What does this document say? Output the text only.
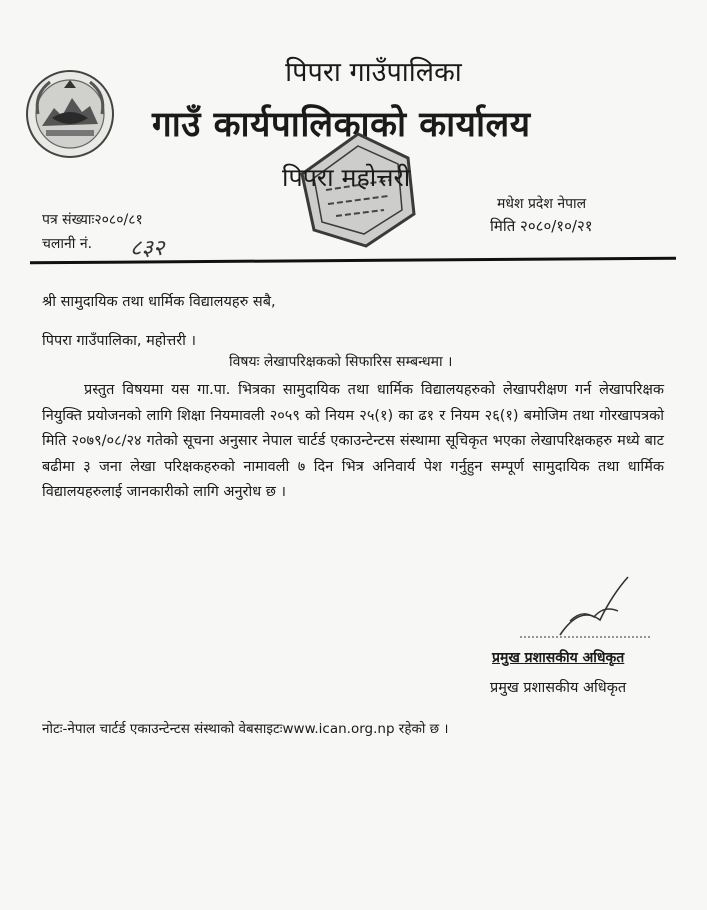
पिपरा गाउँपालिका
गाउँ कार्यपालिकाको कार्यालय
पिपरा महोत्तरी
मधेश प्रदेश नेपाल
मिति २०८०/१०/२१
पत्र संख्याः२०८०/८१
चलानी नं. ८३२
श्री सामुदायिक तथा धार्मिक विद्यालयहरु सबै,
पिपरा गाउँपालिका, महोत्तरी ।
विषयः लेखापरिक्षकको सिफारिस सम्बन्धमा ।
प्रस्तुत विषयमा यस गा.पा. भित्रका सामुदायिक तथा धार्मिक विद्यालयहरुको लेखापरीक्षण गर्न लेखापरिक्षक नियुक्ति प्रयोजनको लागि शिक्षा नियमावली २०५९ को नियम २५(१) का ढ१ र नियम २६(१) बमोजिम तथा गोरखापत्रको मिति २०७९/०८/२४ गतेको सूचना अनुसार नेपाल चार्टर्ड एकाउन्टेन्टस संस्थामा सूचिकृत भएका लेखापरिक्षकहरु मध्ये बाट बढीमा ३ जना लेखा परिक्षकहरुको नामावली ७ दिन भित्र अनिवार्य पेश गर्नुहुन सम्पूर्ण सामुदायिक तथा धार्मिक विद्यालयहरुलाई जानकारीको लागि अनुरोध छ ।
प्रमुख प्रशासकीय अधिकृत
प्रमुख प्रशासकीय अधिकृत
नोटः-नेपाल चार्टर्ड एकाउन्टेन्टस संस्थाको वेबसाइटःwww.ican.org.np रहेको छ ।
